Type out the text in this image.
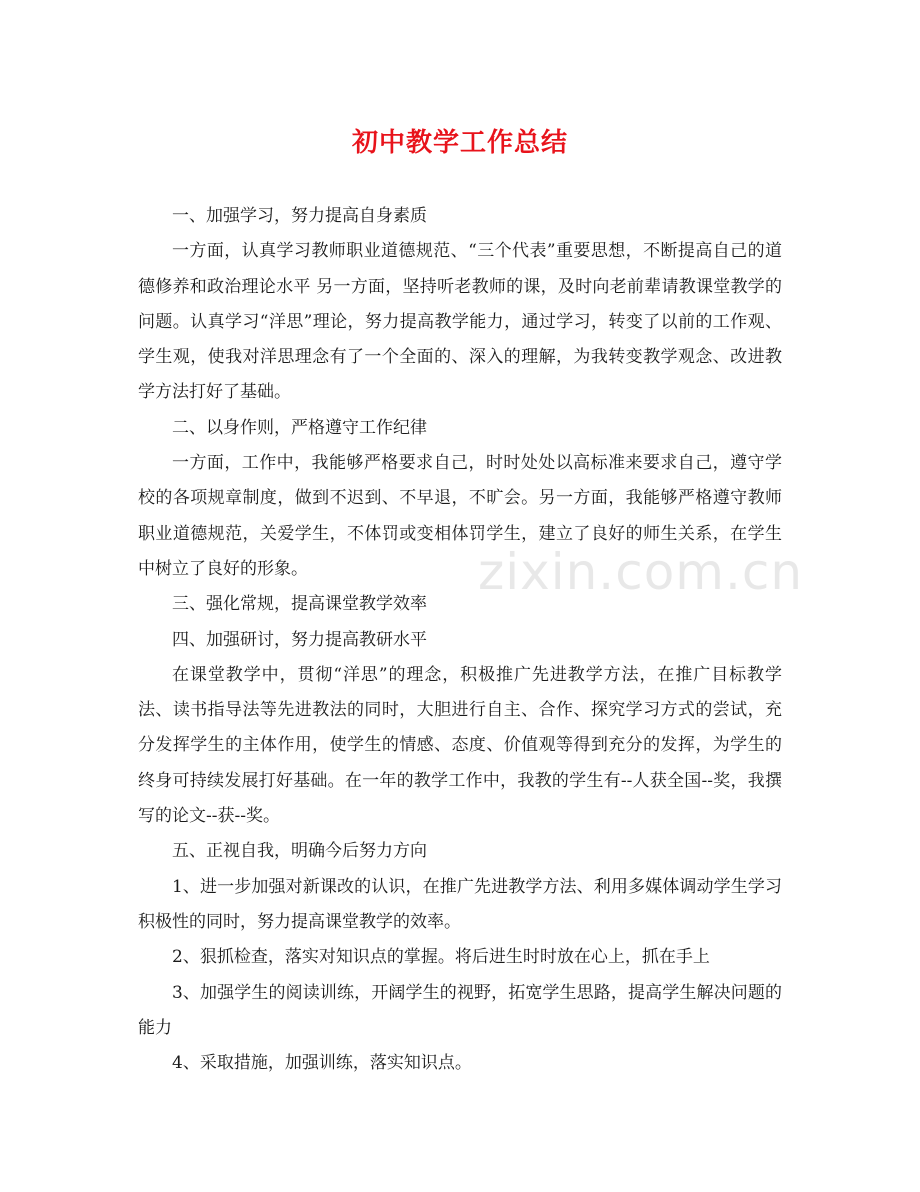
初中教学工作总结

一、加强学习，努力提高自身素质

一方面，认真学习教师职业道德规范、“三个代表”重要思想，不断提高自己的道德修养和政治理论水平 另一方面，坚持听老教师的课，及时向老前辈请教课堂教学的问题。认真学习“洋思”理论，努力提高教学能力，通过学习，转变了以前的工作观、学生观，使我对洋思理念有了一个全面的、深入的理解，为我转变教学观念、改进教学方法打好了基础。

二、以身作则，严格遵守工作纪律

一方面，工作中，我能够严格要求自己，时时处处以高标准来要求自己，遵守学校的各项规章制度，做到不迟到、不早退，不旷会。另一方面，我能够严格遵守教师职业道德规范，关爱学生，不体罚或变相体罚学生，建立了良好的师生关系，在学生中树立了良好的形象。

三、强化常规，提高课堂教学效率

四、加强研讨，努力提高教研水平

在课堂教学中，贯彻“洋思”的理念，积极推广先进教学方法，在推广目标教学法、读书指导法等先进教法的同时，大胆进行自主、合作、探究学习方式的尝试，充分发挥学生的主体作用，使学生的情感、态度、价值观等得到充分的发挥，为学生的终身可持续发展打好基础。在一年的教学工作中，我教的学生有--人获全国--奖，我撰写的论文--获--奖。

五、正视自我，明确今后努力方向

1、进一步加强对新课改的认识，在推广先进教学方法、利用多媒体调动学生学习积极性的同时，努力提高课堂教学的效率。

2、狠抓检查，落实对知识点的掌握。将后进生时时放在心上，抓在手上

3、加强学生的阅读训练，开阔学生的视野，拓宽学生思路，提高学生解决问题的能力

4、采取措施，加强训练，落实知识点。

zixin.com.cn
